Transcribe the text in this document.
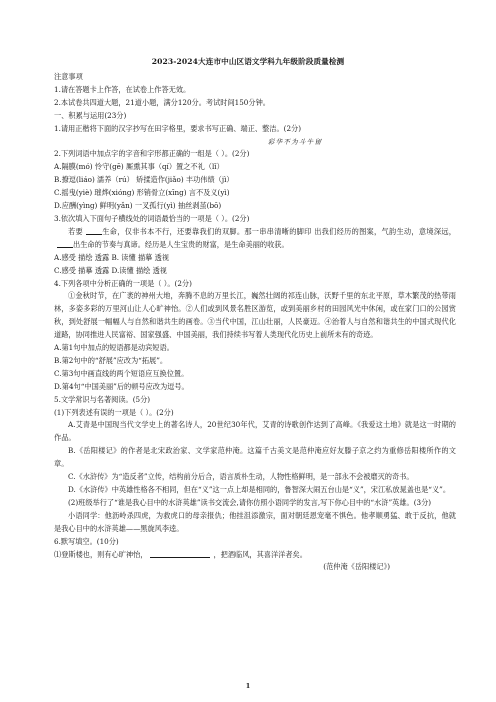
2023-2024大连市中山区语文学科九年级阶段质量检测
注意事项
1.请在答题卡上作答，在试卷上作答无效。
2.本试卷共四道大题，21道小题，满分120分。考试时间150分钟。
一、积累与运用(23分)
1.请用正楷将下面的汉字抄写在田字格里，要求书写正确、端正、整洁。(2分)
彩华不为斗牛留
2.下列词语中加点字的字音和字形都正确的一组是（ ）。(2分)
A.隔膜(mó) 怜守(gē) 厮熏其事（qí）置之不礼（lǐ）
B.撩逗(liáo) 濡养（rú） 矫揉造作(jiǎo) 丰功伟绩（jì）
C.摇曳(yiè) 璀烨(xióng) 形销骨立(xīng) 言不及义(yì)
D.应酬(yìng) 鲜明(yǎn) 一叉孤行(yì) 抽丝剥茧(bō)
3.依次填入下面句子横线处的词语最恰当的一项是（ ）。(2分)
若要	生命，仅非书本不行，还要靠我们的双脚。那一串串清晰的脚印 出我们经历的图案，气韵生动，意境深远，出生命的节奏与真谛。经历是人生宝贵的财富，是生命美丽的收获。
A.感受 描绘 透露 B. 读懂 描摹 透视
C.感受 描摹 透露 D.读懂 描绘 透视
4.下列各项中分析正确的一项是（ ）。(2分)
①金秋时节，在广袤的神州大地，奔腾不息的万里长江，巍然壮阔的祁连山脉，沃野千里的东北平原，草木繁茂的热带雨林，多姿多彩的万里河山让人心旷神怡。②人们或到风景名胜区游览，或到美丽乡村的田园风光中休闲，或在家门口的公园赏秋，到处舒展一幅幅人与自然和谐共生的画卷。③当代中国，江山壮丽，人民豪迈。④治着人与自然和谐共生的中国式现代化道路，协同推进人民富裕、国家强盛、中国美丽，我们持续书写着人类现代化历史上前所未有的奇迹。
A.第1句中加点的短语都是动宾短语。
B.第2句中的“舒展”应改为“拓展”。
C.第3句中画直线的两个短语应互换位置。
D.第4句“中国美丽”后的顿号应改为逗号。
5.文学常识与名著阅读。(5分)
(1)下列表述有误的一项是（ ）。(2分)
A.艾青是中国现当代文学史上的著名诗人，20世纪30年代，艾青的诗歌创作达到了高峰。《我爱这土地》就是这一时期的作品。
B.《岳阳楼记》的作者是北宋政治家、文学家范仲淹。这篇千古美文是范仲淹应好友滕子京之约为重修岳阳楼所作的文章。
C.《水浒传》为“造反者”立传，结构前分后合，语言质朴生动，人物性格鲜明，是一部永不会被磨灭的奇书。
D.《水浒传》中英雄性格各不相同，但在“义”这一点上却是相同的，鲁智深大闹五台山是“义”，宋江私放晁盖也是“义”。
(2)班级举行了“谁是我心目中的水浒英雄”读书交流会,请你仿照小语同学的发言,写下你心目中的“水浒”英雄。(3分)
小语同学：他沥岭杀四虎，为救虎口的母亲报仇；他挂沮添激宗，面对朝廷恩宠毫不惧色。他孝顺勇猛、敢于反抗，他就是我心目中的水浒英雄——黑旋风李逵。
6.默写填空。(10分)
⑴登斯楼也，则有心旷神怡，	，把酒临风，其喜洋洋者矣。
(范仲淹《岳阳楼记》)
1
